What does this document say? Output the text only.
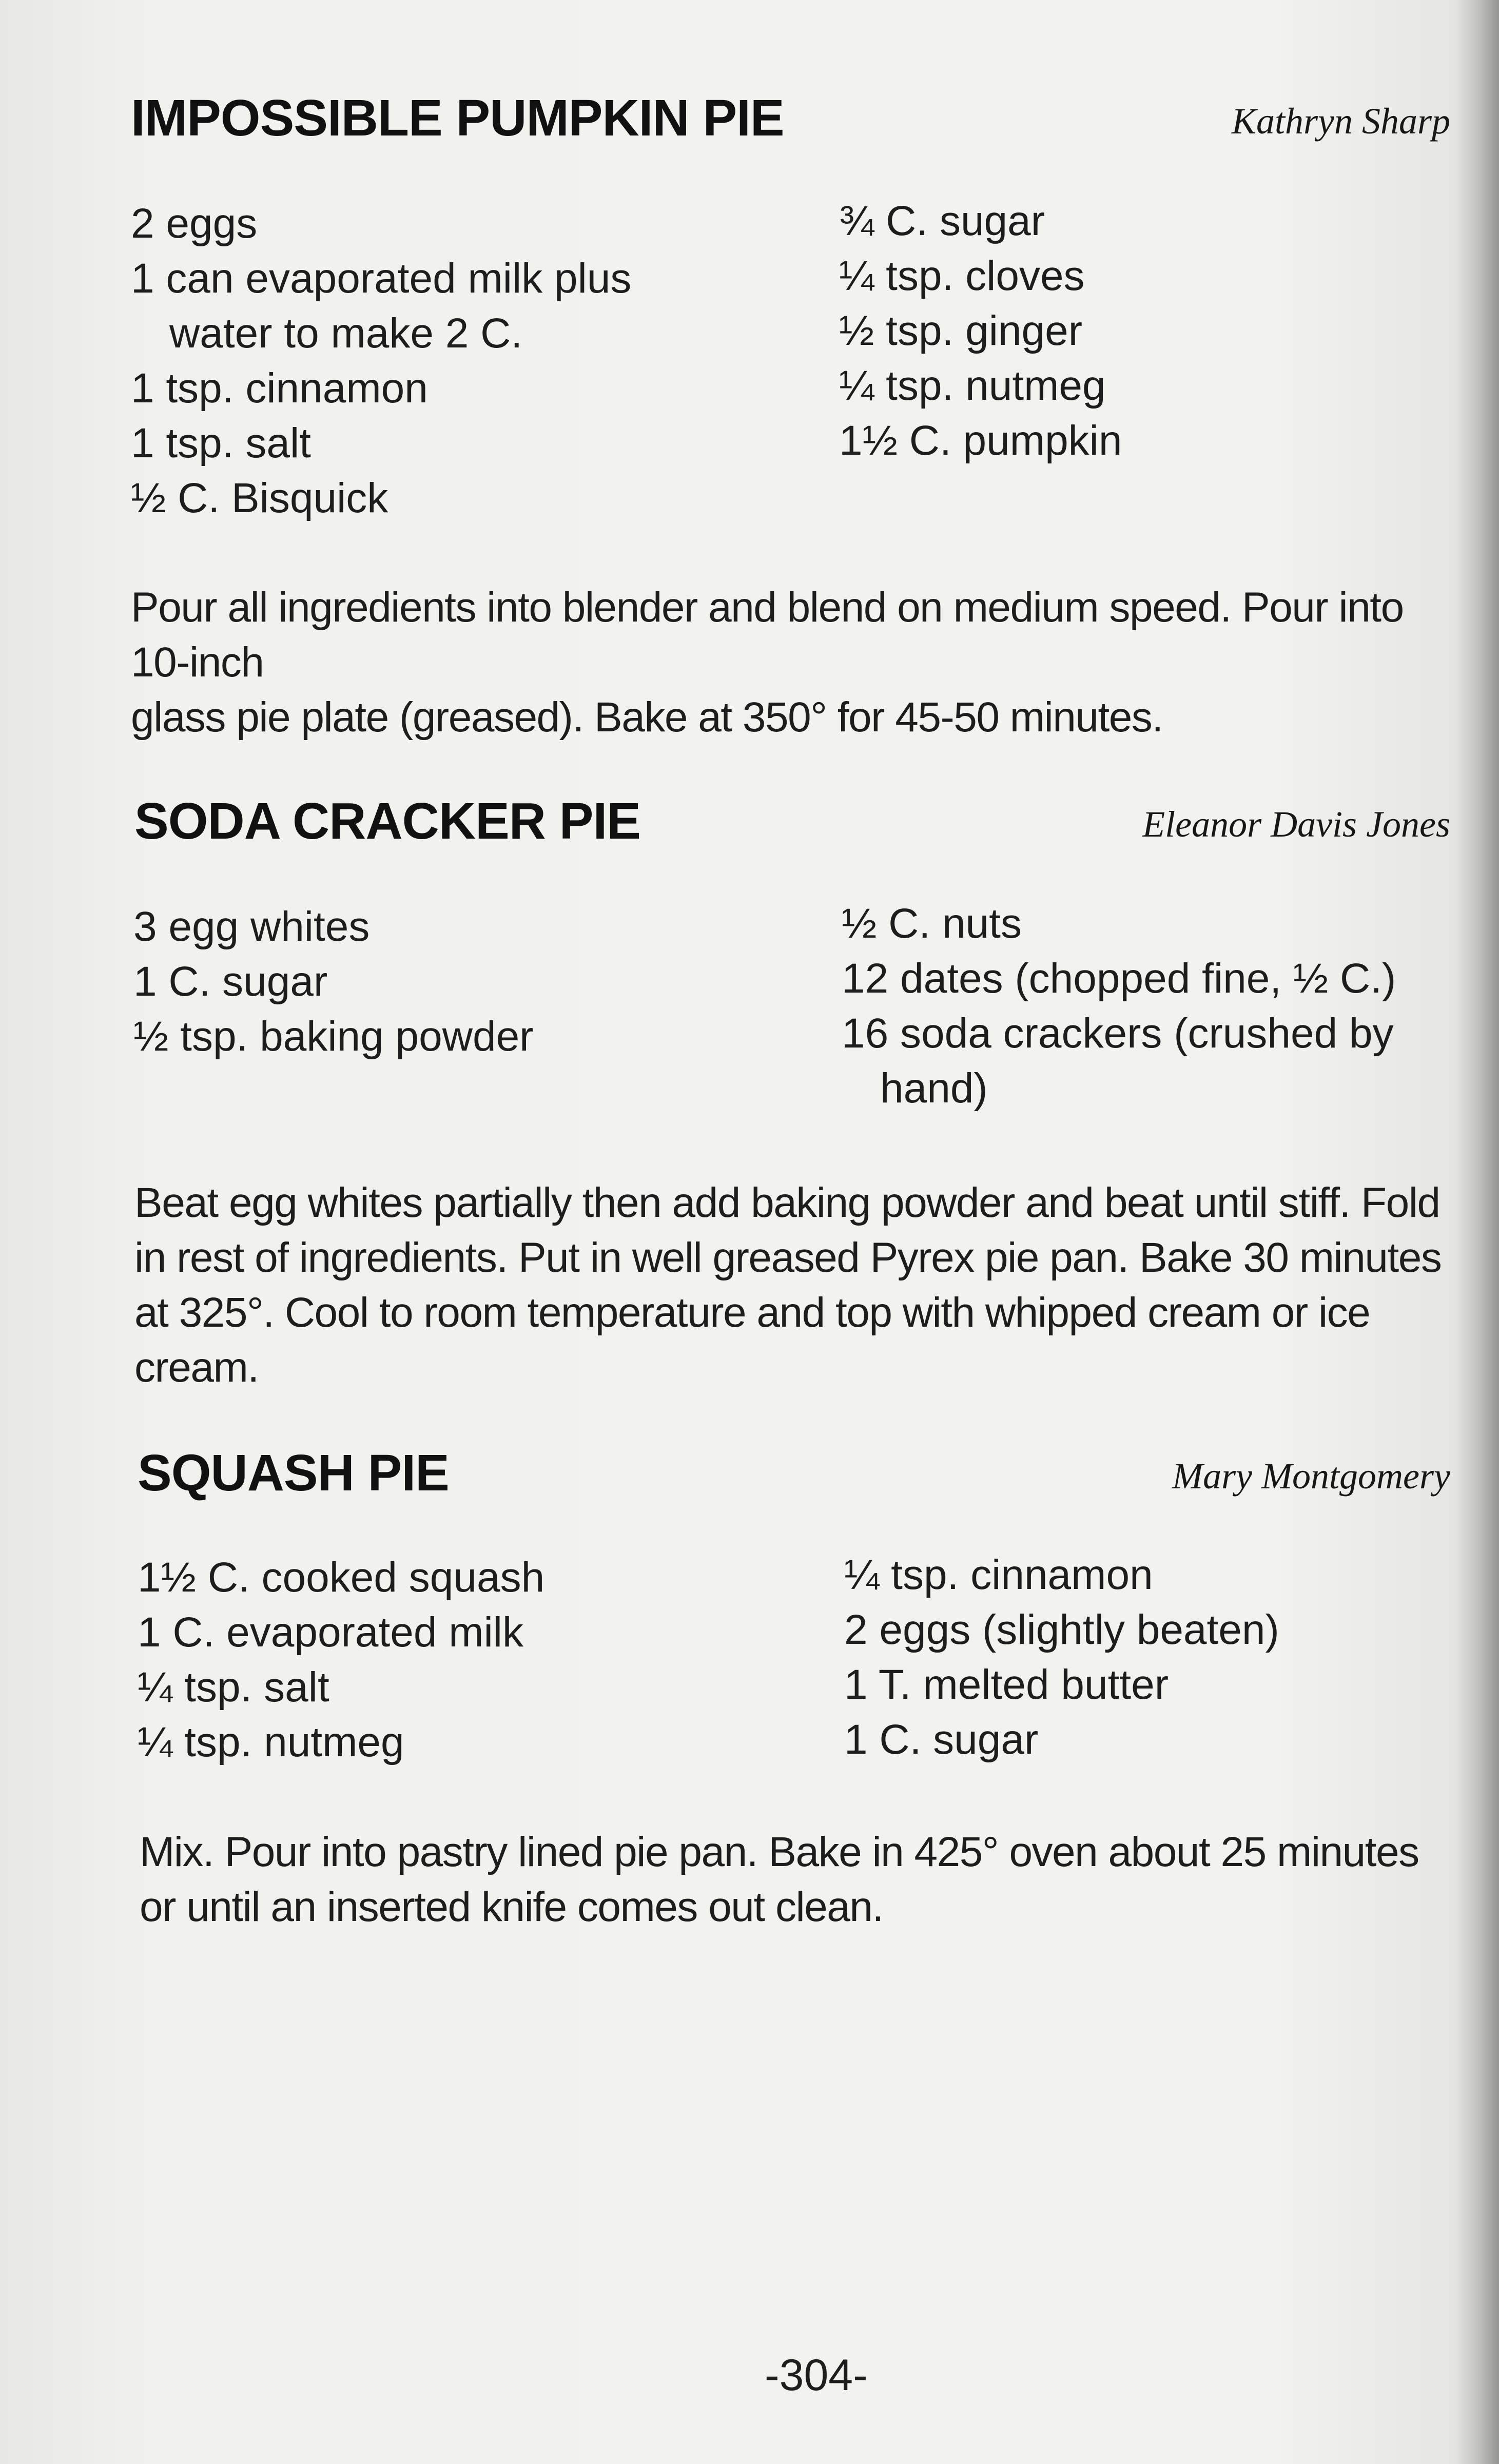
IMPOSSIBLE PUMPKIN PIE	Kathryn Sharp
2 eggs
1 can evaporated milk plus
water to make 2 C.
1 tsp. cinnamon
1 tsp. salt
½ C. Bisquick
¾ C. sugar
¼ tsp. cloves
½ tsp. ginger
¼ tsp. nutmeg
1½ C. pumpkin

Pour all ingredients into blender and blend on medium speed. Pour into 10-inch
glass pie plate (greased). Bake at 350° for 45-50 minutes.

SODA CRACKER PIE	Eleanor Davis Jones
3 egg whites
1 C. sugar
½ tsp. baking powder
½ C. nuts
12 dates (chopped fine, ½ C.)
16 soda crackers (crushed by
hand)

Beat egg whites partially then add baking powder and beat until stiff. Fold
in rest of ingredients. Put in well greased Pyrex pie pan. Bake 30 minutes
at 325°. Cool to room temperature and top with whipped cream or ice cream.

SQUASH PIE	Mary Montgomery
1½ C. cooked squash
1 C. evaporated milk
¼ tsp. salt
¼ tsp. nutmeg
¼ tsp. cinnamon
2 eggs (slightly beaten)
1 T. melted butter
1 C. sugar

Mix. Pour into pastry lined pie pan. Bake in 425° oven about 25 minutes
or until an inserted knife comes out clean.

-304-
